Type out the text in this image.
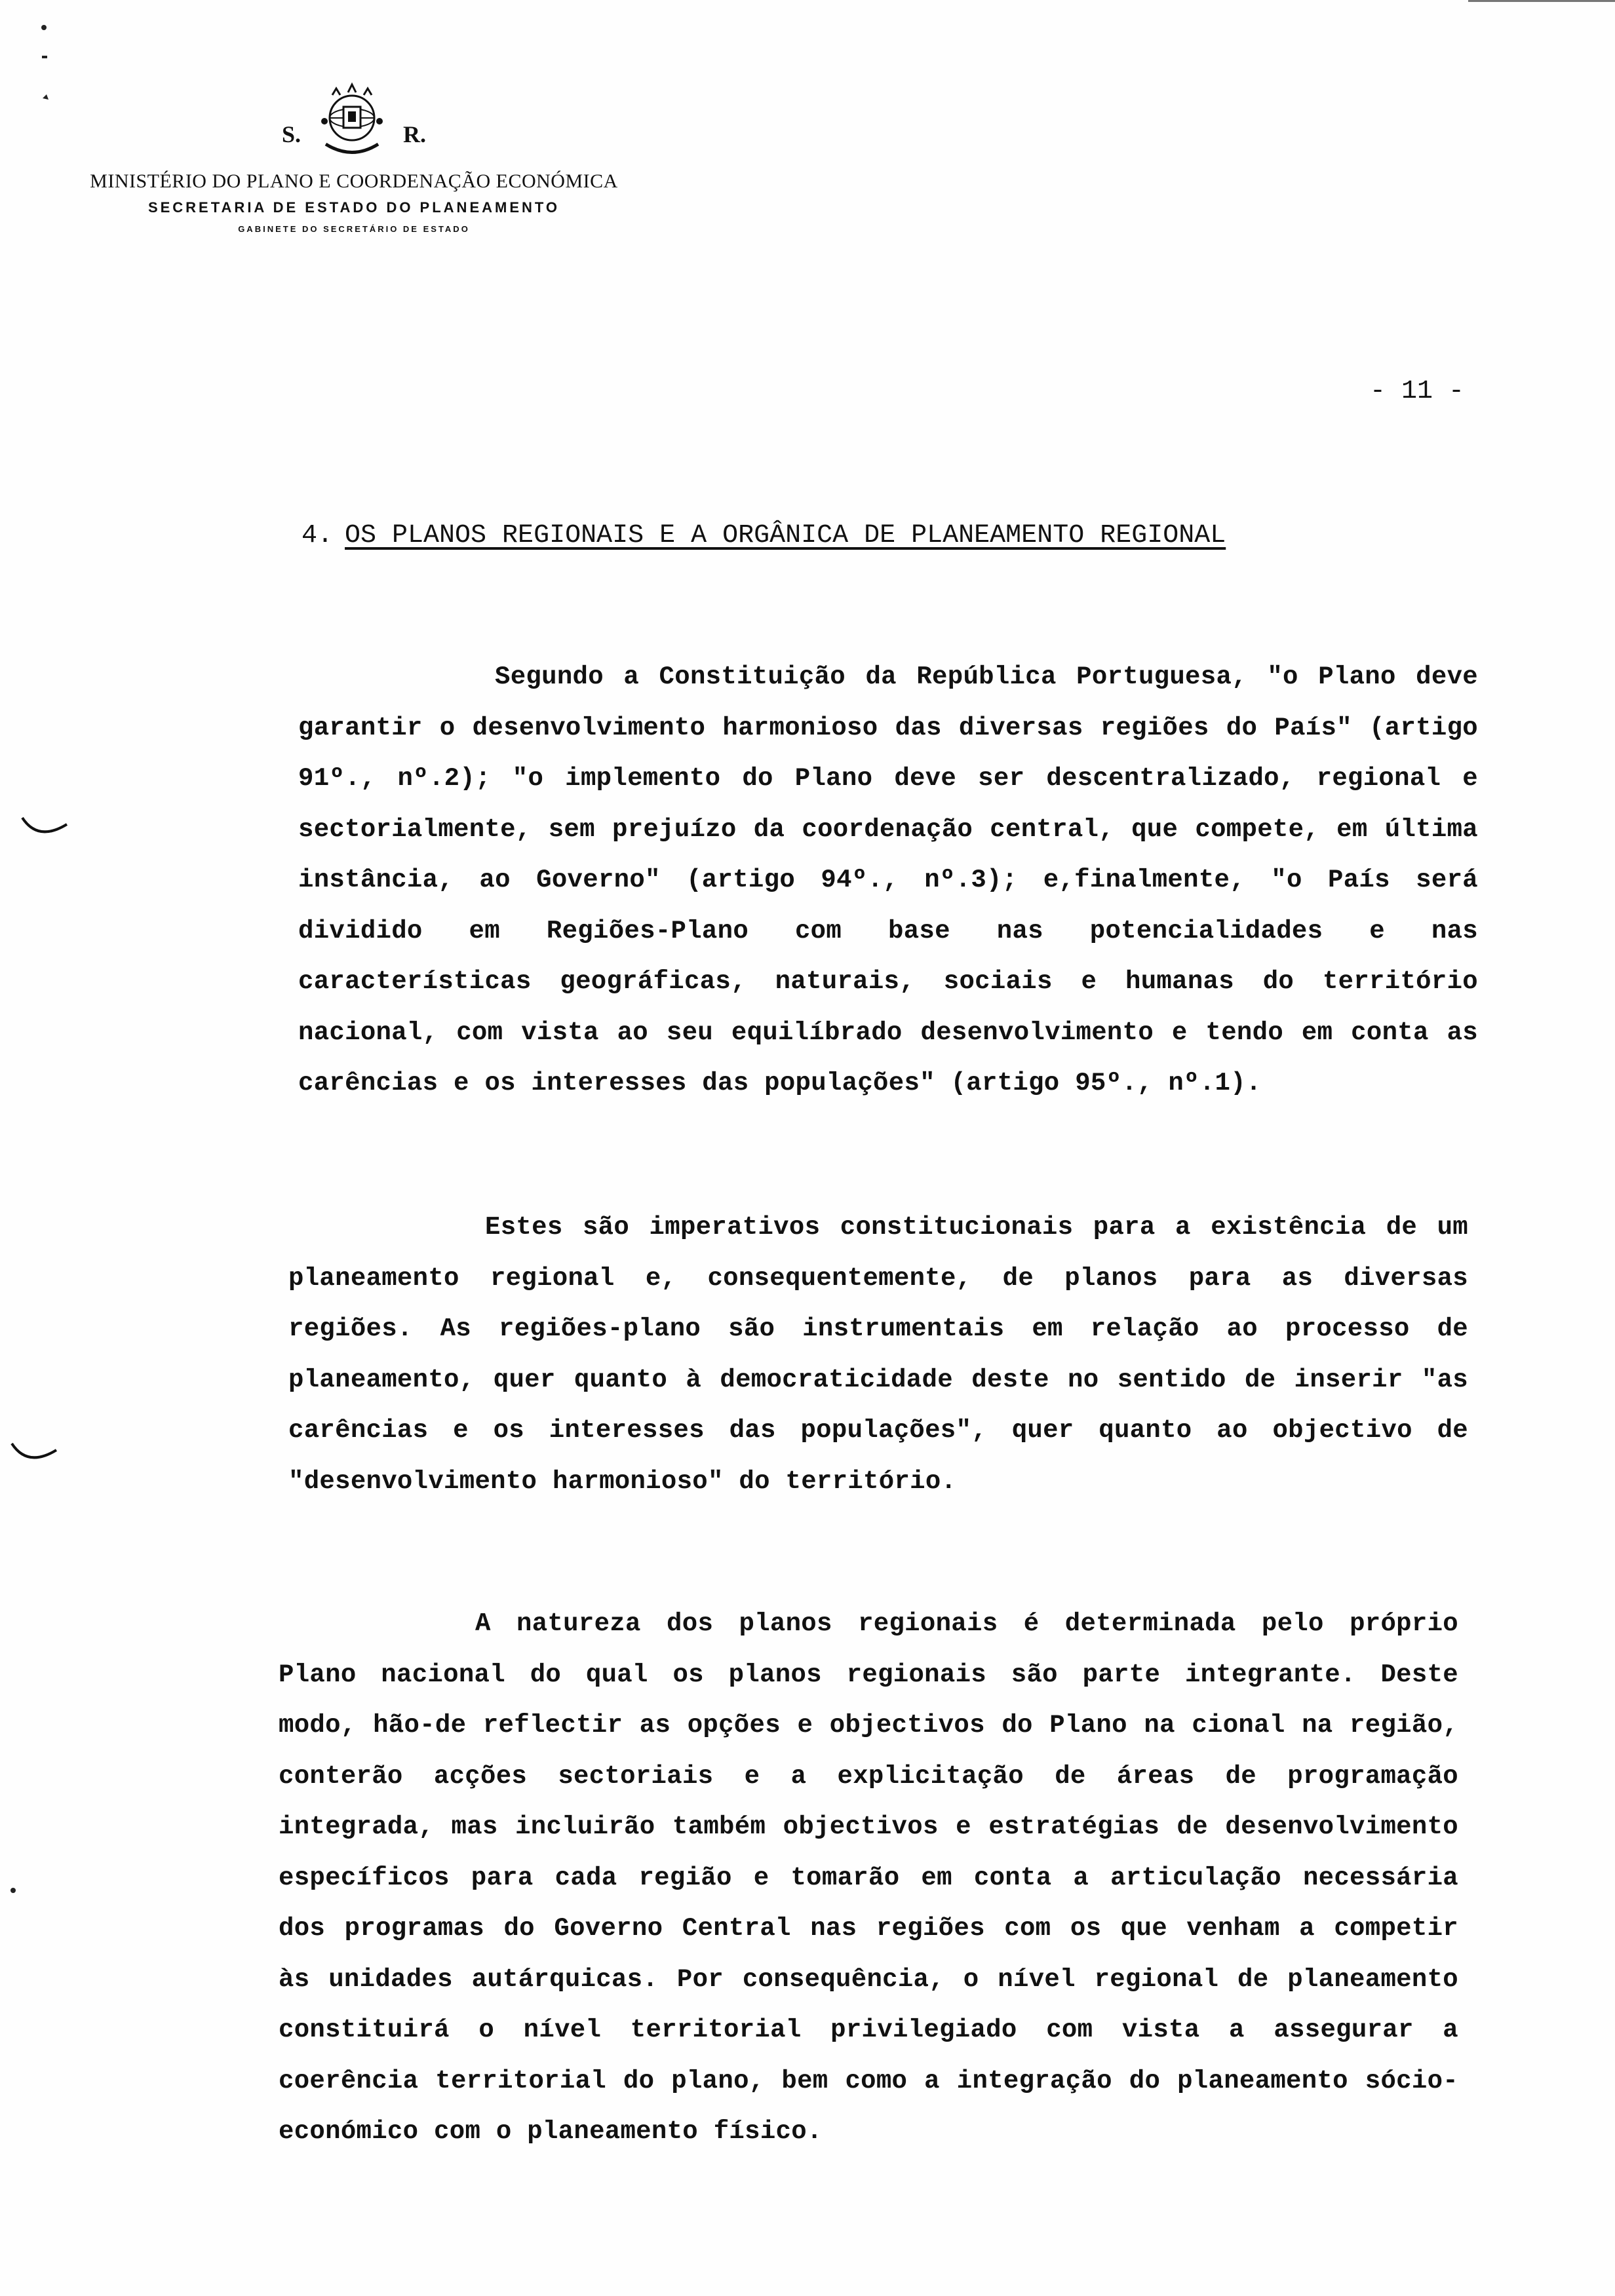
S.	R.
MINISTÉRIO DO PLANO E COORDENAÇÃO ECONÓMICA
SECRETARIA DE ESTADO DO PLANEAMENTO
GABINETE DO SECRETÁRIO DE ESTADO
- 11 -
4. OS PLANOS REGIONAIS E A ORGÂNICA DE PLANEAMENTO REGIONAL
Segundo a Constituição da República Portuguesa, "o Plano deve garantir o desenvolvimento harmonioso das diversas regiões do País" (artigo 91º., nº.2); "o implemento do Plano deve ser descentralizado, regional e sectorialmente, sem prejuízo da coordenação central, que compete, em última instância, ao Governo" (artigo 94º., nº.3); e,finalmente, "o País será dividido em Regiões-Plano com base nas potencialidades e nas características geográficas, naturais, sociais e humanas do território nacional, com vista ao seu equilíbrado desenvolvimento e tendo em conta as carências e os interesses das populações" (artigo 95º., nº.1).
Estes são imperativos constitucionais para a existência de um planeamento regional e, consequentemente, de planos para as diversas regiões. As regiões-plano são instrumentais em relação ao processo de planeamento, quer quanto à democraticidade deste no sentido de inserir "as carências e os interesses das populações", quer quanto ao objectivo de "desenvolvimento harmonioso" do território.
A natureza dos planos regionais é determinada pelo próprio Plano nacional do qual os planos regionais são parte integrante. Deste modo, hão-de reflectir as opções e objectivos do Plano na cional na região, conterão acções sectoriais e a explicitação de áreas de programação integrada, mas incluirão também objectivos e estratégias de desenvolvimento específicos para cada região e tomarão em conta a articulação necessária dos programas do Governo Central nas regiões com os que venham a competir às unidades autárquicas. Por consequência, o nível regional de planeamento constituirá o nível territorial privilegiado com vista a assegurar a coerência territorial do plano, bem como a integração do planeamento sócio-económico com o planeamento físico.
